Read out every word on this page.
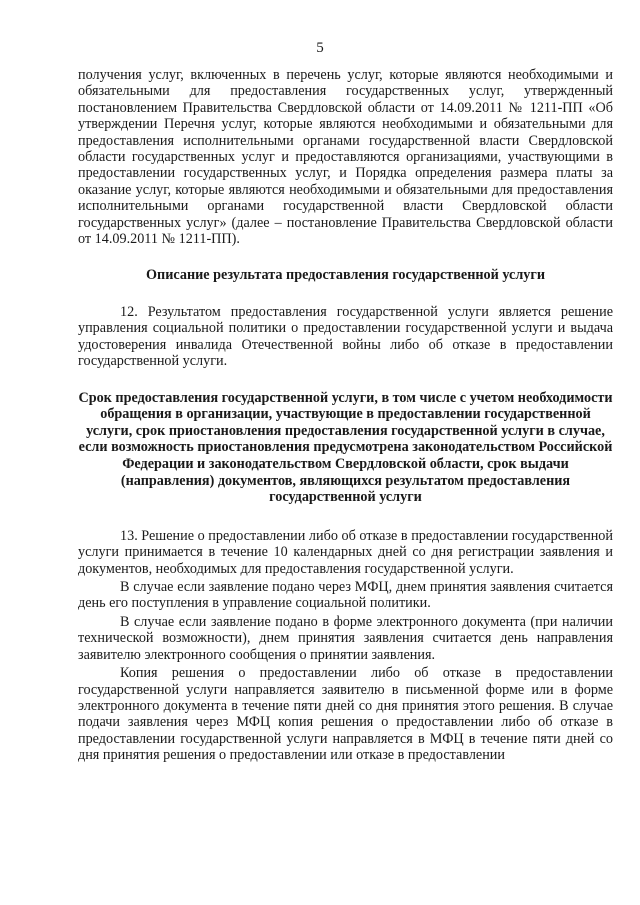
5

получения услуг, включенных в перечень услуг, которые являются необходимыми и обязательными для предоставления государственных услуг, утвержденный постановлением Правительства Свердловской области от 14.09.2011 № 1211-ПП «Об утверждении Перечня услуг, которые являются необходимыми и обязательными для предоставления исполнительными органами государственной власти Свердловской области государственных услуг и предоставляются организациями, участвующими в предоставлении государственных услуг, и Порядка определения размера платы за оказание услуг, которые являются необходимыми и обязательными для предоставления исполнительными органами государственной власти Свердловской области государственных услуг» (далее – постановление Правительства Свердловской области от 14.09.2011 № 1211-ПП).

Описание результата предоставления государственной услуги

12. Результатом предоставления государственной услуги является решение управления социальной политики о предоставлении государственной услуги и выдача удостоверения инвалида Отечественной войны либо об отказе в предоставлении государственной услуги.

Срок предоставления государственной услуги, в том числе с учетом необходимости обращения в организации, участвующие в предоставлении государственной услуги, срок приостановления предоставления государственной услуги в случае, если возможность приостановления предусмотрена законодательством Российской Федерации и законодательством Свердловской области, срок выдачи (направления) документов, являющихся результатом предоставления государственной услуги

13. Решение о предоставлении либо об отказе в предоставлении государственной услуги принимается в течение 10 календарных дней со дня регистрации заявления и документов, необходимых для предоставления государственной услуги.

В случае если заявление подано через МФЦ, днем принятия заявления считается день его поступления в управление социальной политики.

В случае если заявление подано в форме электронного документа (при наличии технической возможности), днем принятия заявления считается день направления заявителю электронного сообщения о принятии заявления.

Копия решения о предоставлении либо об отказе в предоставлении государственной услуги направляется заявителю в письменной форме или в форме электронного документа в течение пяти дней со дня принятия этого решения. В случае подачи заявления через МФЦ копия решения о предоставлении либо об отказе в предоставлении государственной услуги направляется в МФЦ в течение пяти дней со дня принятия решения о предоставлении или отказе в предоставлении
